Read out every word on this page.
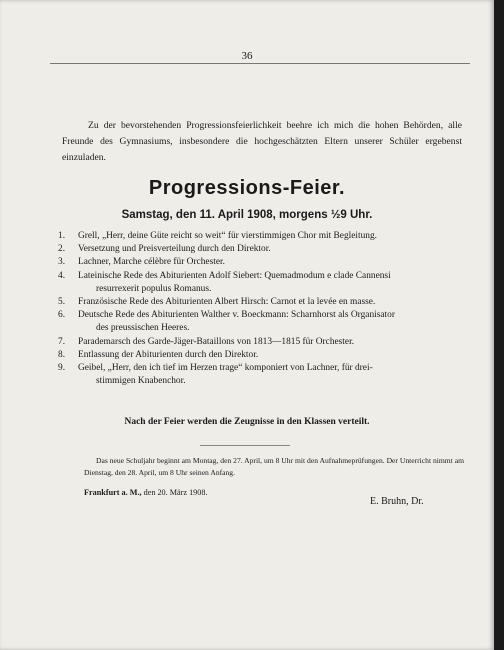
36

Zu der bevorstehenden Progressionsfeierlichkeit beehre ich mich die hohen Behörden, alle Freunde des Gymnasiums, insbesondere die hochgeschätzten Eltern unserer Schüler ergebenst einzuladen.

Progressions-Feier.
Samstag, den 11. April 1908, morgens ½9 Uhr.
1. Grell, „Herr, deine Güte reicht so weit“ für vierstimmigen Chor mit Begleitung.
2. Versetzung und Preisverteilung durch den Direktor.
3. Lachner, Marche célèbre für Orchester.
4. Lateinische Rede des Abiturienten Adolf Siebert: Quemadmodum e clade Cannensi
resurrexerit populus Romanus.
5. Französische Rede des Abiturienten Albert Hirsch: Carnot et la levée en masse.
6. Deutsche Rede des Abiturienten Walther v. Boeckmann: Scharnhorst als Organisator
des preussischen Heeres.
7. Parademarsch des Garde-Jäger-Bataillons von 1813—1815 für Orchester.
8. Entlassung der Abiturienten durch den Direktor.
9. Geibel, „Herr, den ich tief im Herzen trage“ komponiert von Lachner, für drei-
stimmigen Knabenchor.
Nach der Feier werden die Zeugnisse in den Klassen verteilt.

Das neue Schuljahr beginnt am Montag, den 27. April, um 8 Uhr mit den Aufnahmeprüfungen. Der Unterricht nimmt am Dienstag, den 28. April, um 8 Uhr seinen Anfang.

Frankfurt a. M., den 20. März 1908.
E. Bruhn, Dr.
